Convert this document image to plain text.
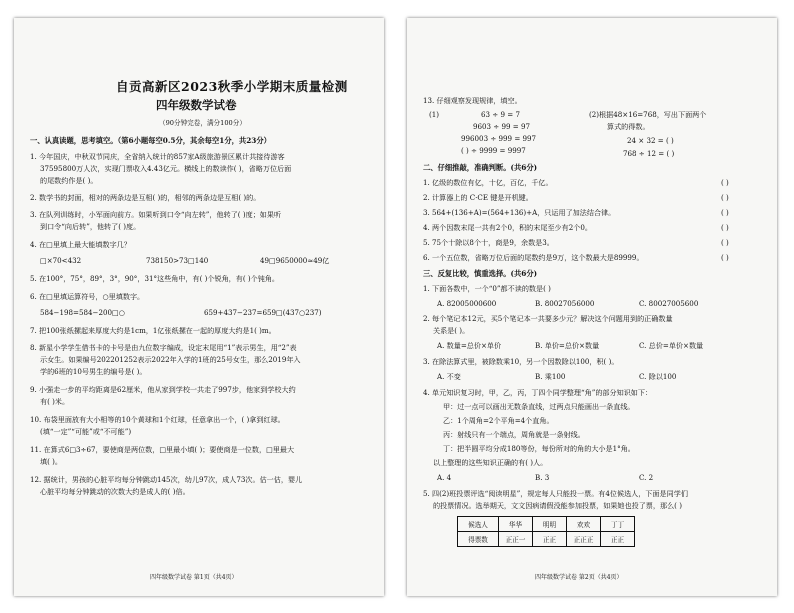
自贡高新区2023秋季小学期末质量检测
四年级数学试卷
（90分钟完卷，满分100分）
一、认真读题，思考填空。（第6小题每空0.5分，其余每空1分，共23分）
1. 今年国庆，中秋双节同庆，全省纳入统计的857家A级旅游景区累计共接待游客
37595800万人次，实现门票收入4.43亿元。横线上的数读作( )，省略万位后面
的尾数约作是( )。
2. 数学书的封面，相对的两条边是互相( )的，相邻的两条边是互相( )的。
3. 在队列训练时，小军面向前方。如果听到口令“向左转”，他转了( )度；如果听
到口令“向后转”，他转了( )度。
4. 在□里填上最大能填数字几？
□×70<432	738150>73□140	49□9650000≈49亿
5. 在100°，75°，89°，3°，90°，31°这些角中，有( )个锐角，有( )个钝角。
6. 在□里填运算符号，○里填数字。
584−198=584−200□○	659+437−237=659□(437○237)
7. 把100张纸摞起来厚度大约是1cm，1亿张纸摞在一起的厚度大约是1( )m。
8. 新星小学学生借书卡的卡号是由九位数字编成，设定末尾用“1”表示男生，用“2”表
示女生。如果编号202201252表示2022年入学的1班的25号女生，那么2019年入
学的6班的10号男生的编号是( )。
9. 小强走一步的平均距离是62厘米，他从家到学校一共走了997步，他家到学校大约
有( )米。
10. 布袋里面放有大小相等的10个黄球和1个红球，任意拿出一个，( )拿到红球。
(填“一定”“可能”或“不可能”)
11. 在算式6□3÷67，要使商是两位数，□里最小填( )；要使商是一位数，□里最大
填( )。
12. 据统计，男孩的心脏平均每分钟跳动145次，幼儿97次，成人73次。估一估，婴儿
心脏平均每分钟跳动的次数大约是成人的( )倍。
四年级数学试卷 第1页（共4页）
13. 仔细观察发现规律，填空。
(1)	63 ÷ 9 = 7
9603 ÷ 99 = 97
996003 ÷ 999 = 997
( ) ÷ 9999 = 9997
(2)根据48×16=768，写出下面两个
算式的得数。
24 × 32 = ( )
768 ÷ 12 = ( )
二、仔细推敲，准确判断。(共6分)
1. 亿级的数位有亿，十亿，百亿，千亿。	( )
2. 计算器上的 C·CE 键是开机键。	( )
3. 564+(136+A)=(564+136)+A，只运用了加法结合律。	( )
4. 两个因数末尾一共有2个0，积的末尾至少有2个0。	( )
5. 75个十除以8个十，商是9，余数是3。	( )
6. 一个五位数，省略万位后面的尾数约是9万，这个数最大是89999。	( )
三、反复比较，慎重选择。(共6分)
1. 下面各数中，一个“0”都不读的数是( )
A. 82005000600	B. 80027056000	C. 80027005600
2. 每个笔记本12元，买5个笔记本一共要多少元？解决这个问题用到的正确数量
关系是( )。
A. 数量=总价×单价	B. 单价=总价×数量	C. 总价=单价×数量
3. 在除法算式里，被除数乘10，另一个因数除以100，积( )。
A. 不变	B. 乘100	C. 除以100
4. 单元知识复习时，甲，乙，丙，丁四个同学整理“角”的部分知识如下：
甲：过一点可以画出无数条直线，过两点只能画出一条直线。
乙：1个周角=2个平角=4个直角。
丙：射线只有一个端点，周角就是一条射线。
丁：把半圆平均分成180等份，每份所对的角的大小是1°角。
以上整理的这些知识正确的有( )人。
A. 4	B. 3	C. 2
5. 四(2)班投票评选“阅读明星”，规定每人只能投一票。有4位候选人，下面是同学们
的投票情况。选举期天，文文因病请假没能参加投票，如果她也投了票，那么( )
候选人	华华	明明	欢欢	丁丁
得票数	正正一	正正	正正正	正正
四年级数学试卷 第2页（共4页）
